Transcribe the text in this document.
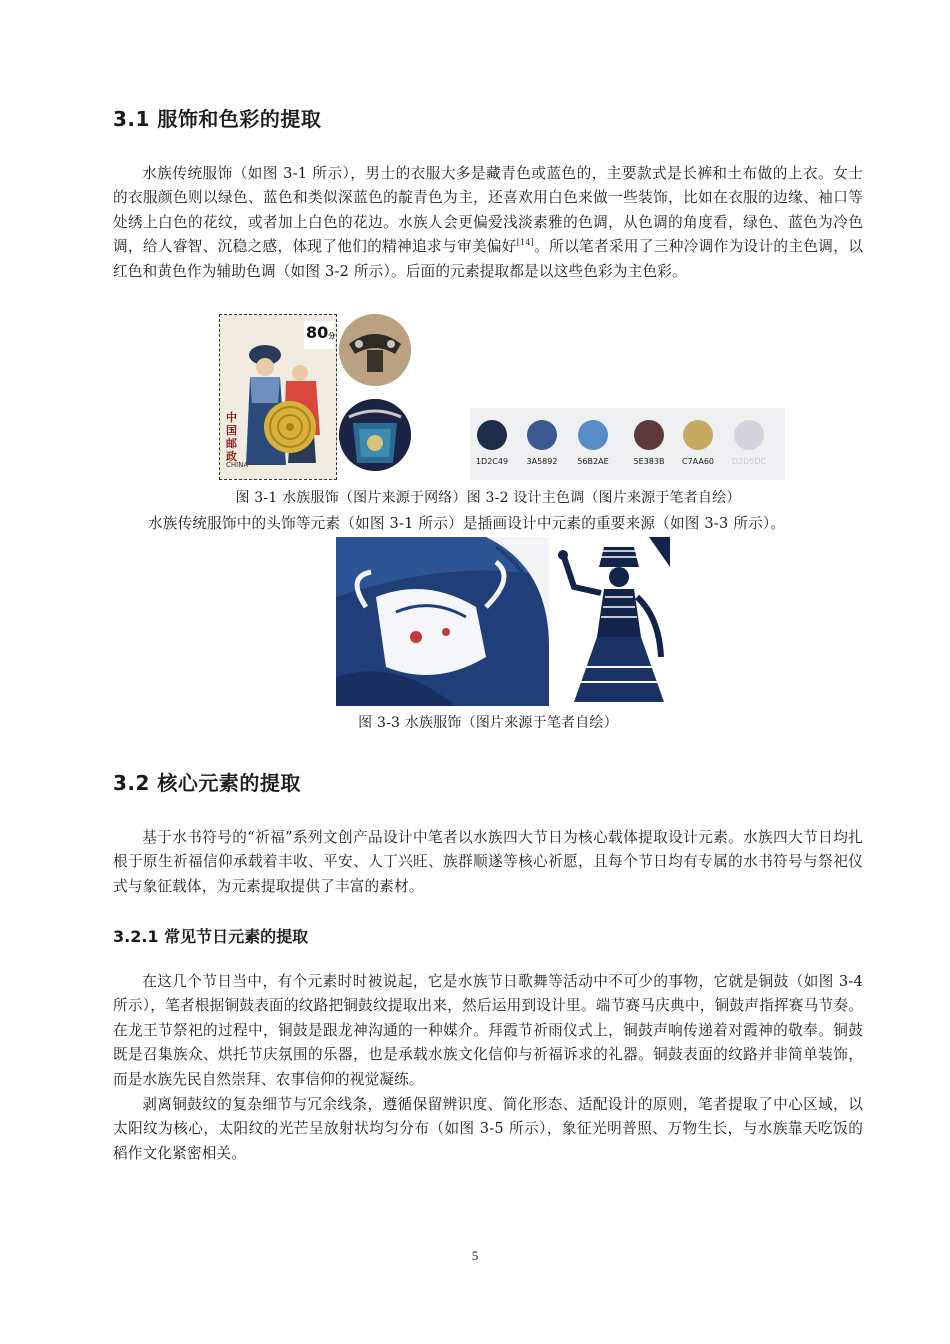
3.1 服饰和色彩的提取
水族传统服饰（如图 3-1 所示），男士的衣服大多是藏青色或蓝色的，主要款式是长裤和土布做的上衣。女士的衣服颜色则以绿色、蓝色和类似深蓝色的靛青色为主，还喜欢用白色来做一些装饰，比如在衣服的边缘、袖口等处绣上白色的花纹，或者加上白色的花边。水族人会更偏爱浅淡素雅的色调，从色调的角度看，绿色、蓝色为冷色调，给人睿智、沉稳之感，体现了他们的精神追求与审美偏好[14]。所以笔者采用了三种冷调作为设计的主色调，以红色和黄色作为辅助色调（如图 3-2 所示）。后面的元素提取都是以这些色彩为主色彩。
80分
中国邮政
CHINA	1D2C49	3A5892	56B2AE	5E383B	C7AA60	D2D5DC
图 3-1 水族服饰（图片来源于网络）图 3-2 设计主色调（图片来源于笔者自绘）
水族传统服饰中的头饰等元素（如图 3-1 所示）是插画设计中元素的重要来源（如图 3-3 所示）。
图 3-3 水族服饰（图片来源于笔者自绘）
3.2 核心元素的提取
基于水书符号的“祈福”系列文创产品设计中笔者以水族四大节日为核心载体提取设计元素。水族四大节日均扎根于原生祈福信仰承载着丰收、平安、人丁兴旺、族群顺遂等核心祈愿，且每个节日均有专属的水书符号与祭祀仪式与象征载体，为元素提取提供了丰富的素材。
3.2.1 常见节日元素的提取
在这几个节日当中，有个元素时时被说起，它是水族节日歌舞等活动中不可少的事物，它就是铜鼓（如图 3-4 所示），笔者根据铜鼓表面的纹路把铜鼓纹提取出来，然后运用到设计里。端节赛马庆典中，铜鼓声指挥赛马节奏。在龙王节祭祀的过程中，铜鼓是跟龙神沟通的一种媒介。拜霞节祈雨仪式上，铜鼓声响传递着对霞神的敬奉。铜鼓既是召集族众、烘托节庆氛围的乐器，也是承载水族文化信仰与祈福诉求的礼器。铜鼓表面的纹路并非简单装饰，而是水族先民自然崇拜、农事信仰的视觉凝练。
剥离铜鼓纹的复杂细节与冗余线条，遵循保留辨识度、简化形态、适配设计的原则，笔者提取了中心区域，以太阳纹为核心，太阳纹的光芒呈放射状均匀分布（如图 3-5 所示），象征光明普照、万物生长，与水族靠天吃饭的稻作文化紧密相关。
5
